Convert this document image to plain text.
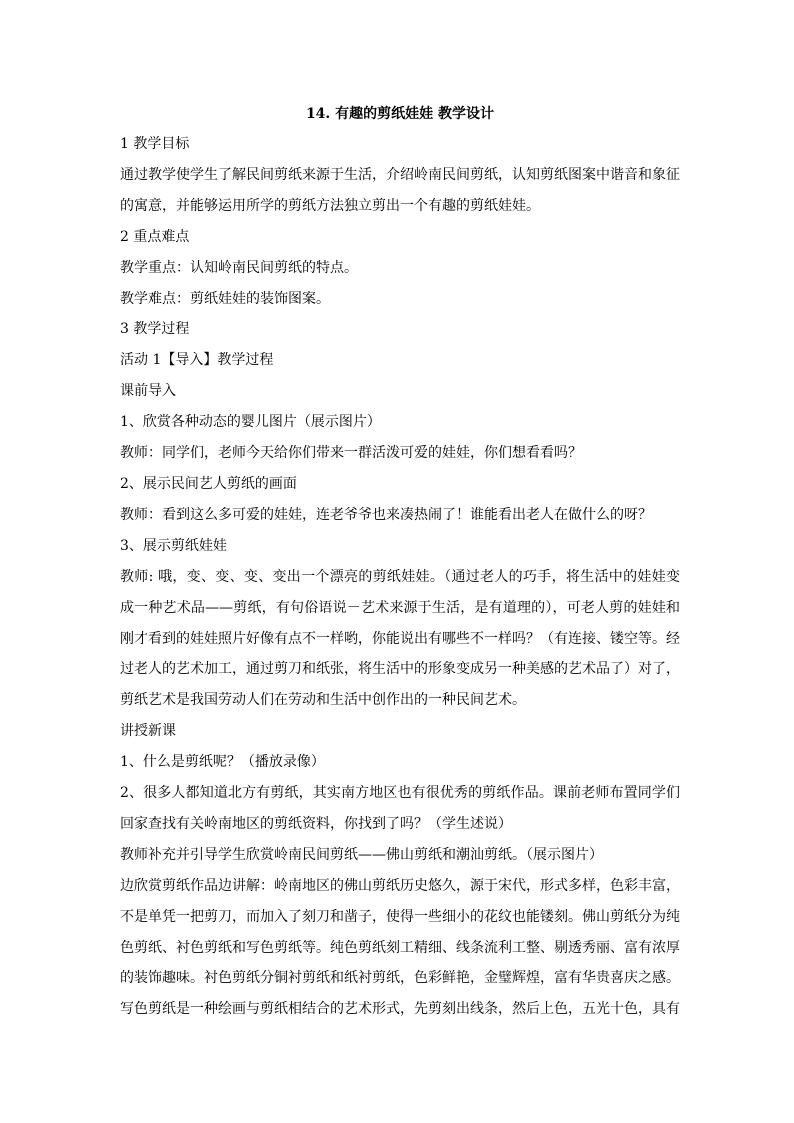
14. 有趣的剪纸娃娃 教学设计

1 教学目标

通过教学使学生了解民间剪纸来源于生活，介绍岭南民间剪纸，认知剪纸图案中谐音和象征的寓意，并能够运用所学的剪纸方法独立剪出一个有趣的剪纸娃娃。

2 重点难点

教学重点：认知岭南民间剪纸的特点。

教学难点：剪纸娃娃的装饰图案。

3 教学过程

活动 1【导入】教学过程

课前导入

1、欣赏各种动态的婴儿图片（展示图片）

教师：同学们，老师今天给你们带来一群活泼可爱的娃娃，你们想看看吗？

2、展示民间艺人剪纸的画面

教师：看到这么多可爱的娃娃，连老爷爷也来凑热闹了！谁能看出老人在做什么的呀？

3、展示剪纸娃娃

教师: 哦，变、变、变、变出一个漂亮的剪纸娃娃。（通过老人的巧手，将生活中的娃娃变成一种艺术品——剪纸，有句俗语说－艺术来源于生活，是有道理的），可老人剪的娃娃和刚才看到的娃娃照片好像有点不一样哟，你能说出有哪些不一样吗？（有连接、镂空等。经过老人的艺术加工，通过剪刀和纸张，将生活中的形象变成另一种美感的艺术品了）对了，剪纸艺术是我国劳动人们在劳动和生活中创作出的一种民间艺术。

讲授新课

1、什么是剪纸呢？（播放录像）

2、很多人都知道北方有剪纸，其实南方地区也有很优秀的剪纸作品。课前老师布置同学们回家查找有关岭南地区的剪纸资料，你找到了吗？（学生述说）

教师补充并引导学生欣赏岭南民间剪纸——佛山剪纸和潮汕剪纸。（展示图片）

边欣赏剪纸作品边讲解：岭南地区的佛山剪纸历史悠久，源于宋代，形式多样，色彩丰富，不是单凭一把剪刀，而加入了刻刀和凿子，使得一些细小的花纹也能镂刻。佛山剪纸分为纯色剪纸、衬色剪纸和写色剪纸等。纯色剪纸刻工精细、线条流利工整、剔透秀丽、富有浓厚的装饰趣味。衬色剪纸分铜衬剪纸和纸衬剪纸，色彩鲜艳，金璧辉煌，富有华贵喜庆之感。写色剪纸是一种绘画与剪纸相结合的艺术形式，先剪刻出线条，然后上色，五光十色，具有
